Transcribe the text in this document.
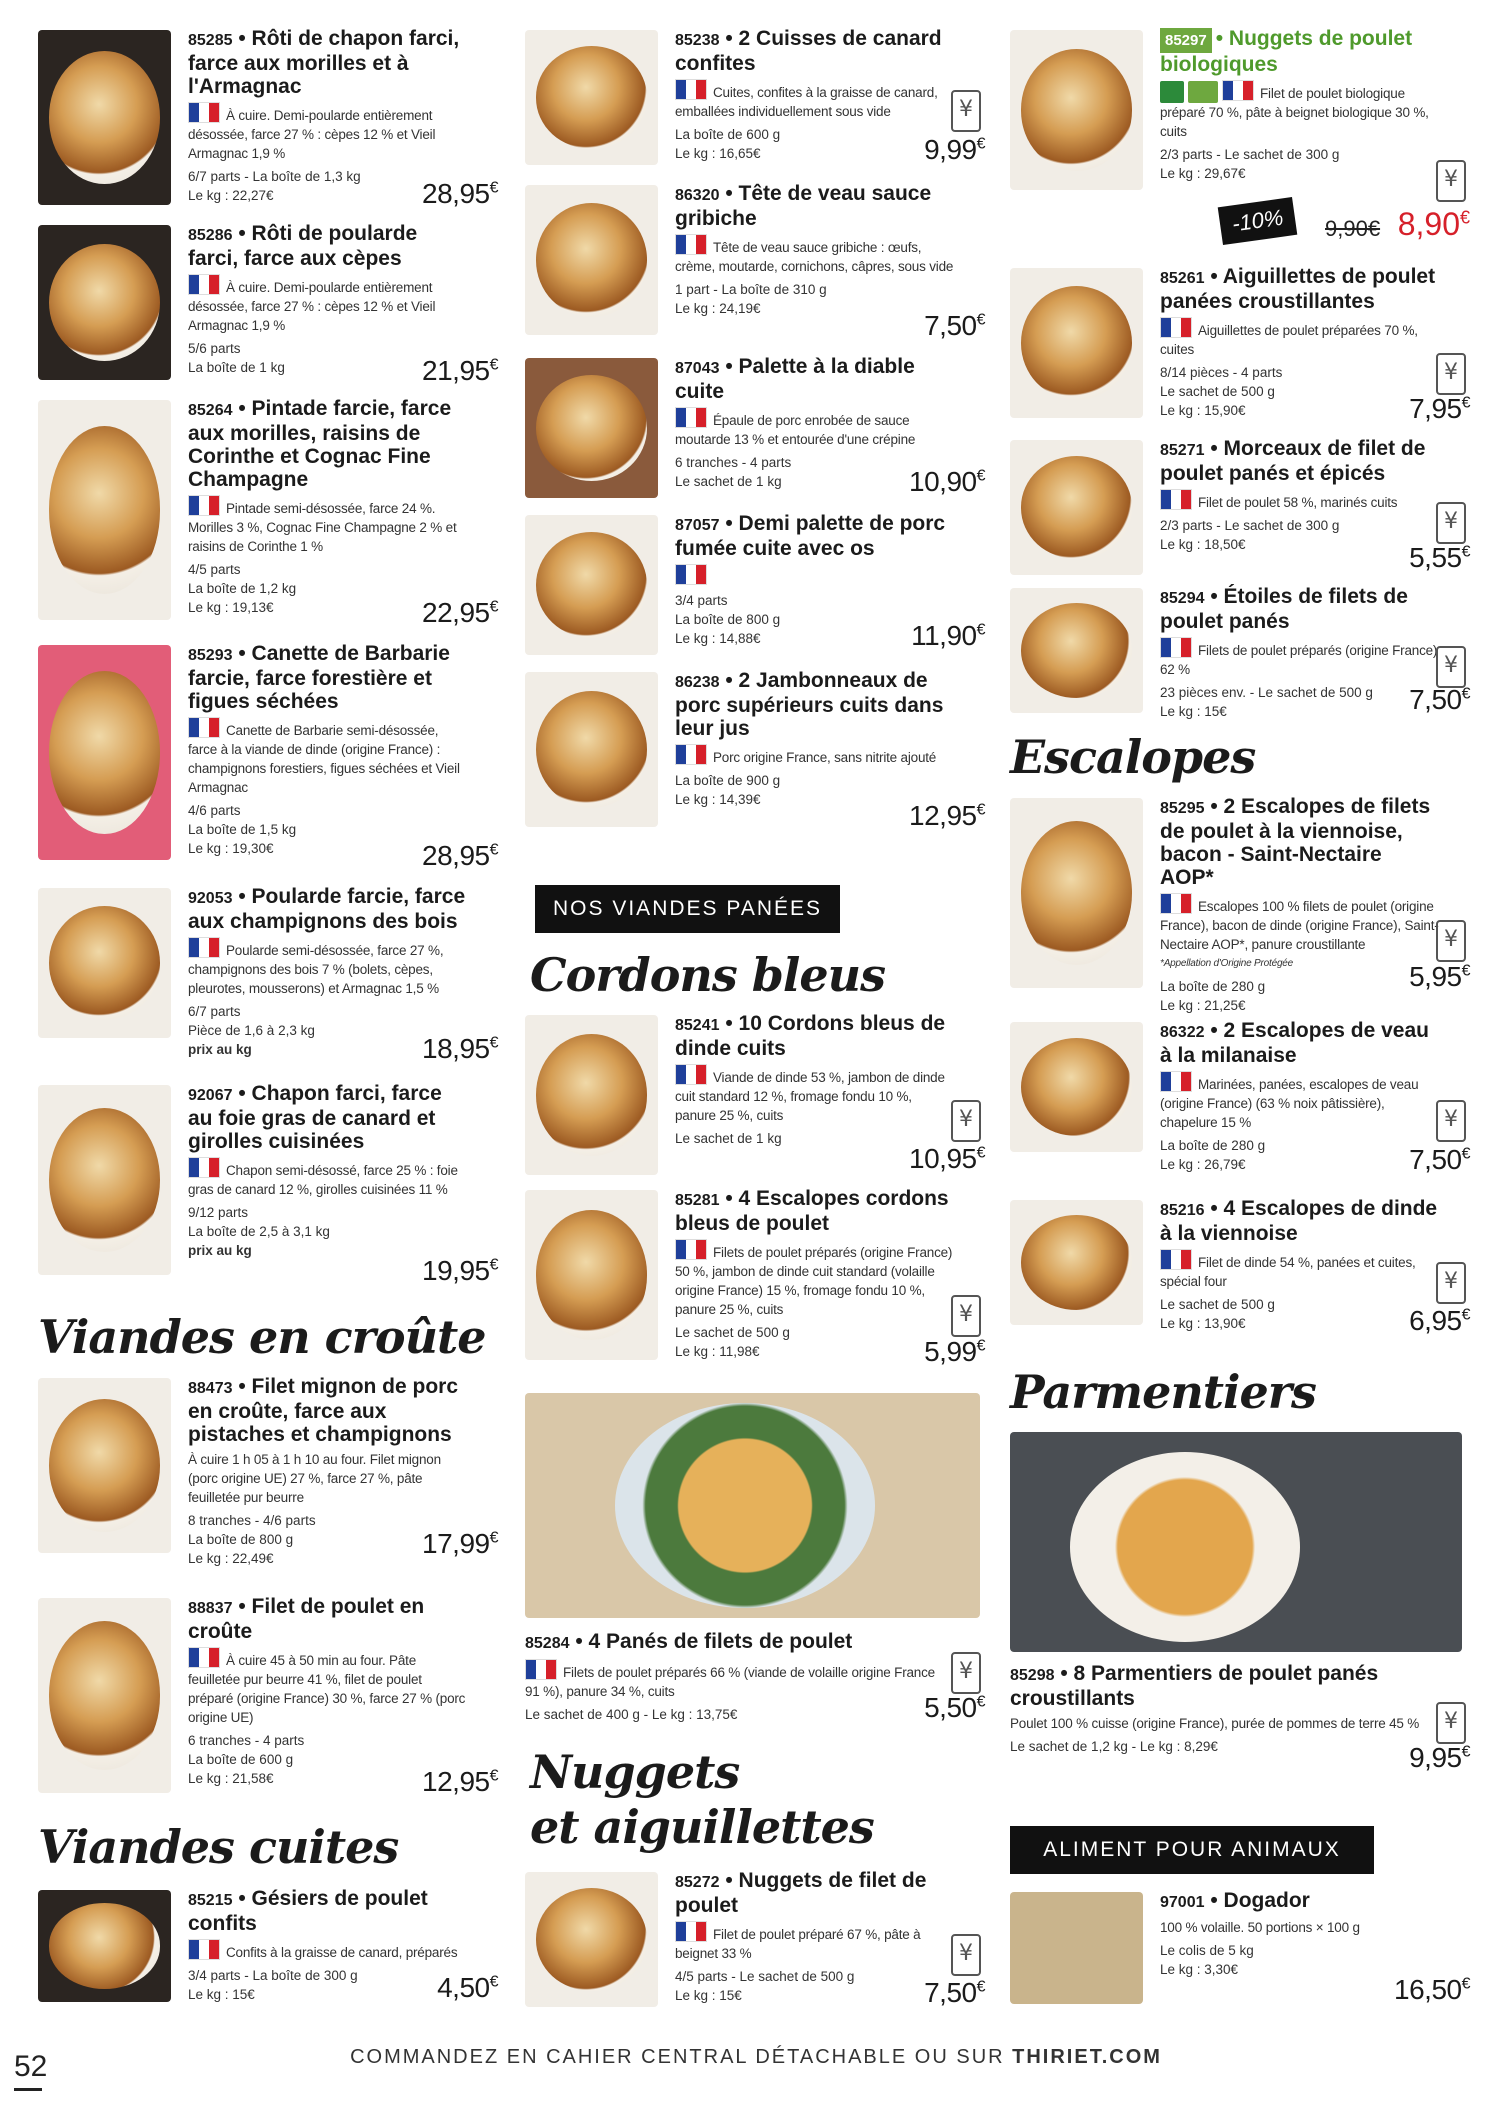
85285 • Rôti de chapon farci, farce aux morilles et à l'Armagnac
À cuire. Demi-poularde entièrement désossée, farce 27 % : cèpes 12 % et Vieil Armagnac 1,9 %
6/7 parts - La boîte de 1,3 kg
Le kg : 22,27€	28,95€
85286 • Rôti de poularde farci, farce aux cèpes
À cuire. Demi-poularde entièrement désossée, farce 27 % : cèpes 12 % et Vieil Armagnac 1,9 %
5/6 parts
La boîte de 1 kg	21,95€
85264 • Pintade farcie, farce aux morilles, raisins de Corinthe et Cognac Fine Champagne
Pintade semi-désossée, farce 24 %. Morilles 3 %, Cognac Fine Champagne 2 % et raisins de Corinthe 1 %
4/5 parts
La boîte de 1,2 kg
Le kg : 19,13€	22,95€
85293 • Canette de Barbarie farcie, farce forestière et figues séchées
Canette de Barbarie semi-désossée, farce à la viande de dinde (origine France) : champignons forestiers, figues séchées et Vieil Armagnac
4/6 parts
La boîte de 1,5 kg
Le kg : 19,30€	28,95€
92053 • Poularde farcie, farce aux champignons des bois
Poularde semi-désossée, farce 27 %, champignons des bois 7 % (bolets, cèpes, pleurotes, mousserons) et Armagnac 1,5 %
6/7 parts
Pièce de 1,6 à 2,3 kg
prix au kg	18,95€
92067 • Chapon farci, farce au foie gras de canard et girolles cuisinées
Chapon semi-désossé, farce 25 % : foie gras de canard 12 %, girolles cuisinées 11 %
9/12 parts
La boîte de 2,5 à 3,1 kg
prix au kg
19,95€
Viandes en croûte
88473 • Filet mignon de porc en croûte, farce aux pistaches et champignons
À cuire 1 h 05 à 1 h 10 au four. Filet mignon (porc origine UE) 27 %, farce 27 %, pâte feuilletée pur beurre
8 tranches - 4/6 parts
La boîte de 800 g
Le kg : 22,49€	17,99€
88837 • Filet de poulet en croûte
À cuire 45 à 50 min au four. Pâte feuilletée pur beurre 41 %, filet de poulet préparé (origine France) 30 %, farce 27 % (porc origine UE)
6 tranches - 4 parts
La boîte de 600 g
Le kg : 21,58€	12,95€
Viandes cuites
85215 • Gésiers de poulet confits
Confits à la graisse de canard, préparés
3/4 parts - La boîte de 300 g
Le kg : 15€	4,50€
85238 • 2 Cuisses de canard confites
Cuites, confites à la graisse de canard, emballées individuellement sous vide
La boîte de 600 g
Le kg : 16,65€
¥
9,99€
86320 • Tête de veau sauce gribiche
Tête de veau sauce gribiche : œufs, crème, moutarde, cornichons, câpres, sous vide
1 part - La boîte de 310 g
Le kg : 24,19€
7,50€
87043 • Palette à la diable cuite
Épaule de porc enrobée de sauce moutarde 13 % et entourée d'une crépine
6 tranches - 4 parts
Le sachet de 1 kg	10,90€
87057 • Demi palette de porc fumée cuite avec os
3/4 parts
La boîte de 800 g
Le kg : 14,88€	11,90€
86238 • 2 Jambonneaux de porc supérieurs cuits dans leur jus
Porc origine France, sans nitrite ajouté
La boîte de 900 g
Le kg : 14,39€
12,95€
NOS VIANDES PANÉES
Cordons bleus
85241 • 10 Cordons bleus de dinde cuits
Viande de dinde 53 %, jambon de dinde cuit standard 12 %, fromage fondu 10 %, panure 25 %, cuits
Le sachet de 1 kg
¥
10,95€
85281 • 4 Escalopes cordons bleus de poulet
Filets de poulet préparés (origine France) 50 %, jambon de dinde cuit standard (volaille origine France) 15 %, fromage fondu 10 %, panure 25 %, cuits
Le sachet de 500 g
Le kg : 11,98€
¥
5,99€
85284 • 4 Panés de filets de poulet
Filets de poulet préparés 66 % (viande de volaille origine France 91 %), panure 34 %, cuits
Le sachet de 400 g - Le kg : 13,75€
¥
5,50€
Nuggets
et aiguillettes
85272 • Nuggets de filet de poulet
Filet de poulet préparé 67 %, pâte à beignet 33 %
4/5 parts - Le sachet de 500 g
Le kg : 15€
¥
7,50€
85297 • Nuggets de poulet biologiques
Filet de poulet biologique préparé 70 %, pâte à beignet biologique 30 %, cuits
2/3 parts - Le sachet de 300 g
Le kg : 29,67€	¥
-10%	9,90€ 8,90€
85261 • Aiguillettes de poulet panées croustillantes
Aiguillettes de poulet préparées 70 %, cuites
8/14 pièces - 4 parts
Le sachet de 500 g
Le kg : 15,90€
¥
7,95€
85271 • Morceaux de filet de poulet panés et épicés
Filet de poulet 58 %, marinés cuits
2/3 parts - Le sachet de 300 g
Le kg : 18,50€
¥
5,55€
85294 • Étoiles de filets de poulet panés
Filets de poulet préparés (origine France) 62 %
23 pièces env. - Le sachet de 500 g
Le kg : 15€
¥
7,50€
Escalopes
85295 • 2 Escalopes de filets de poulet à la viennoise, bacon - Saint-Nectaire AOP*
Escalopes 100 % filets de poulet (origine France), bacon de dinde (origine France), Saint-Nectaire AOP*, panure croustillante
*Appellation d'Origine Protégée
La boîte de 280 g
Le kg : 21,25€
¥
5,95€
86322 • 2 Escalopes de veau à la milanaise
Marinées, panées, escalopes de veau (origine France) (63 % noix pâtissière), chapelure 15 %
La boîte de 280 g
Le kg : 26,79€
¥
7,50€
85216 • 4 Escalopes de dinde à la viennoise
Filet de dinde 54 %, panées et cuites, spécial four
Le sachet de 500 g
Le kg : 13,90€
¥
6,95€
Parmentiers
85298 • 8 Parmentiers de poulet panés croustillants
Poulet 100 % cuisse (origine France), purée de pommes de terre 45 %
Le sachet de 1,2 kg - Le kg : 8,29€
¥
9,95€
ALIMENT POUR ANIMAUX
97001 • Dogador
100 % volaille. 50 portions × 100 g
Le colis de 5 kg
Le kg : 3,30€
16,50€
52	COMMANDEZ EN CAHIER CENTRAL DÉTACHABLE OU SUR THIRIET.COM
